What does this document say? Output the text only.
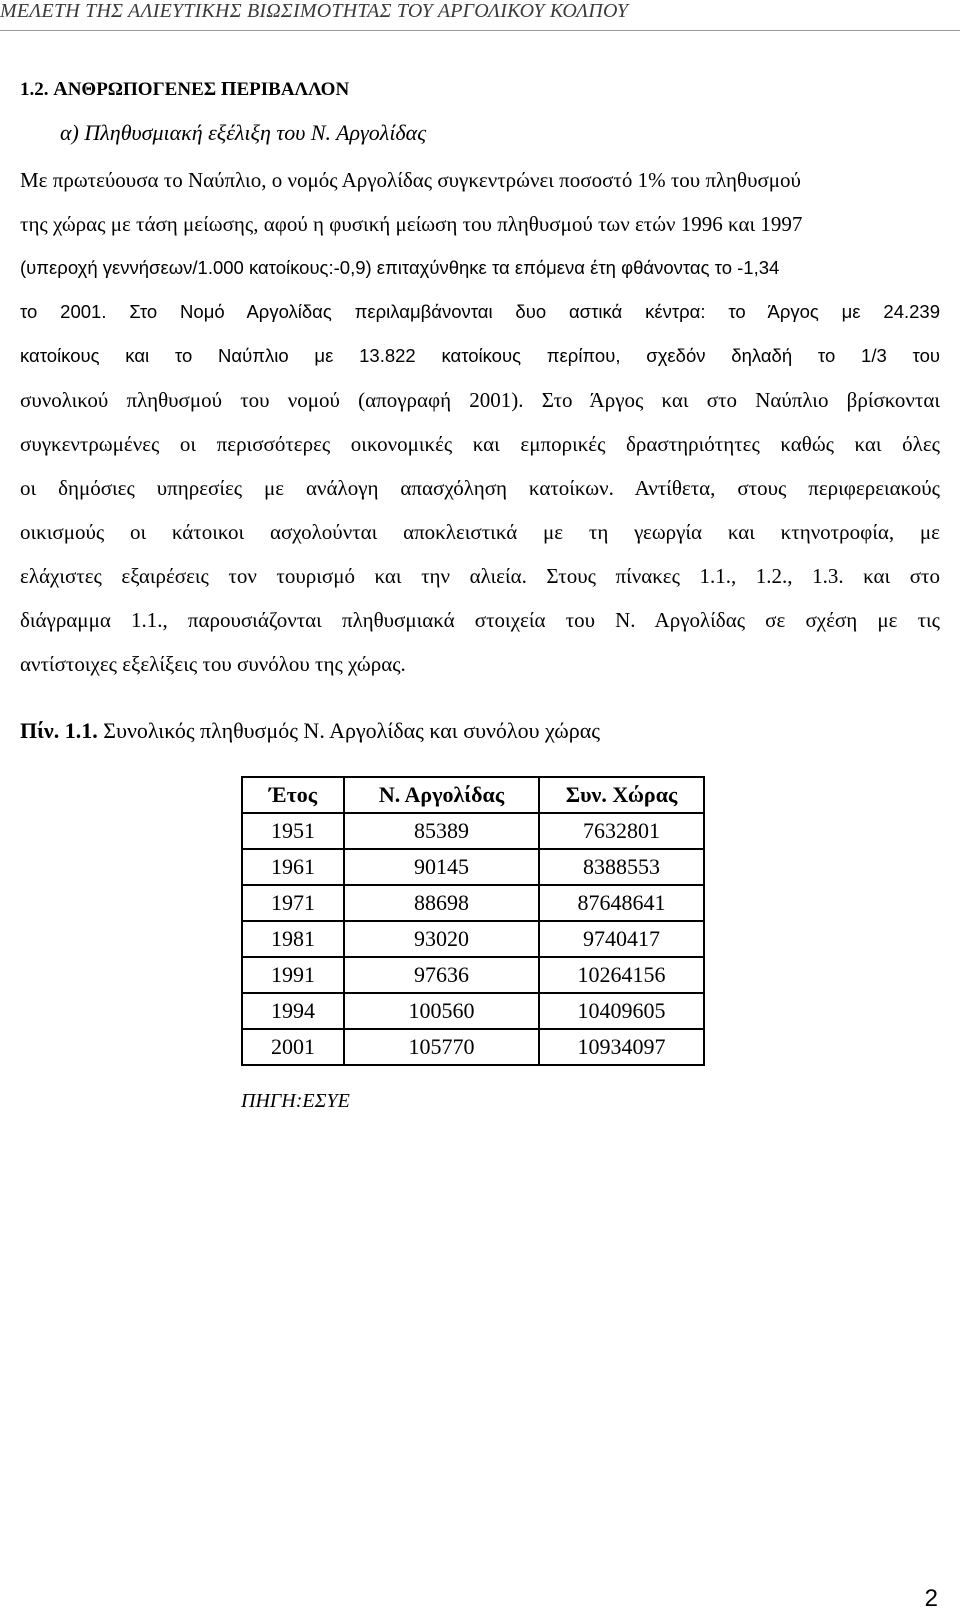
ΜΕΛΕΤΗ ΤΗΣ ΑΛΙΕΥΤΙΚΗΣ ΒΙΩΣΙΜΟΤΗΤΑΣ ΤΟΥ ΑΡΓΟΛΙΚΟΥ ΚΟΛΠΟΥ
1.2. ΑΝΘΡΩΠΟΓΕΝΕΣ ΠΕΡΙΒΑΛΛΟΝ
α) Πληθυσμιακή εξέλιξη του Ν. Αργολίδας
Με πρωτεύουσα το Ναύπλιο, ο νομός Αργολίδας συγκεντρώνει ποσοστό 1% του πληθυσμού
της χώρας με τάση μείωσης, αφού η φυσική μείωση του πληθυσμού των ετών 1996 και 1997
(υπεροχή γεννήσεων/1.000 κατοίκους:-0,9) επιταχύνθηκε τα επόμενα έτη φθάνοντας το -1,34
το 2001. Στο Νομό Αργολίδας περιλαμβάνονται δυο αστικά κέντρα: το Άργος με 24.239
κατοίκους και το Ναύπλιο με 13.822 κατοίκους περίπου, σχεδόν δηλαδή το 1/3 του
συνολικού πληθυσμού του νομού (απογραφή 2001). Στο Άργος και στο Ναύπλιο βρίσκονται
συγκεντρωμένες οι περισσότερες οικονομικές και εμπορικές δραστηριότητες καθώς και όλες
οι δημόσιες υπηρεσίες με ανάλογη απασχόληση κατοίκων. Αντίθετα, στους περιφερειακούς
οικισμούς οι κάτοικοι ασχολούνται αποκλειστικά με τη γεωργία και κτηνοτροφία, με
ελάχιστες εξαιρέσεις τον τουρισμό και την αλιεία. Στους πίνακες 1.1., 1.2., 1.3. και στο
διάγραμμα 1.1., παρουσιάζονται πληθυσμιακά στοιχεία του Ν. Αργολίδας σε σχέση με τις
αντίστοιχες εξελίξεις του συνόλου της χώρας.
Πίν. 1.1. Συνολικός πληθυσμός Ν. Αργολίδας και συνόλου χώρας
Έτος	Ν. Αργολίδας	Συν. Χώρας
1951	85389	7632801
1961	90145	8388553
1971	88698	87648641
1981	93020	9740417
1991	97636	10264156
1994	100560	10409605
2001	105770	10934097
ΠΗΓΗ:ΕΣΥΕ
2
